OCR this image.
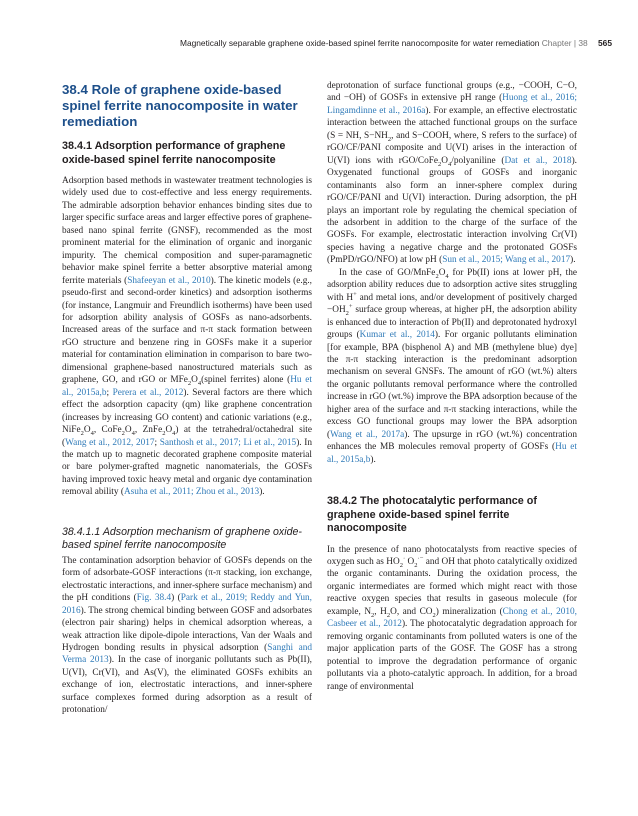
Magnetically separable graphene oxide-based spinel ferrite nanocomposite for water remediation Chapter | 38 565
38.4 Role of graphene oxide-based spinel ferrite nanocomposite in water remediation
38.4.1 Adsorption performance of graphene oxide-based spinel ferrite nanocomposite

Adsorption based methods in wastewater treatment technologies is widely used due to cost-effective and less energy requirements. The admirable adsorption behavior enhances binding sites due to larger specific surface areas and larger effective pores of graphene-based nano spinal ferrite (GNSF), recommended as the most prominent material for the elimination of organic and inorganic impurity. The chemical composition and super-paramagnetic behavior make spinel ferrite a better absorptive material among ferrite materials (Shafeeyan et al., 2010). The kinetic models (e.g., pseudo-first and second-order kinetics) and adsorption isotherms (for instance, Langmuir and Freundlich isotherms) have been used for adsorption ability analysis of GOSFs as nano-adsorbents. Increased areas of the surface and π-π stack formation between rGO structure and benzene ring in GOSFs make it a superior material for contamination elimination in comparison to bare two-dimensional graphene-based nanostructured materials such as graphene, GO, and rGO or $MFe_2O_4(spinel$ ferrites) alone (Hu et al., 2015a,b; Perera et al., 2012). Several factors are there which effect the adsorption capacity (qm) like graphene concentration (increases by increasing GO content) and cationic variations (e.g., $NiFe_2O_4$, $CoFe_2O_4$, $ZnFe_2O_4$) at the tetrahedral/octahedral site (Wang et al., 2012, 2017; Santhosh et al., 2017; Li et al., 2015). In the match up to magnetic decorated graphene composite material or bare polymer-grafted magnetic nanomaterials, the GOSFs having improved toxic heavy metal and organic dye contamination removal ability (Asuha et al., 2011; Zhou et al., 2013).

38.4.1.1 Adsorption mechanism of graphene oxide-based spinel ferrite nanocomposite

The contamination adsorption behavior of GOSFs depends on the form of adsorbate-GOSF interactions (π-π stacking, ion exchange, electrostatic interactions, and inner-sphere surface mechanism) and the pH conditions (Fig. 38.4) (Park et al., 2019; Reddy and Yun, 2016). The strong chemical binding between GOSF and adsorbates (electron pair sharing) helps in chemical adsorption whereas, a weak attraction like dipole-dipole interactions, Van der Waals and Hydrogen bonding results in physical adsorption (Sanghi and Verma 2013). In the case of inorganic pollutants such as Pb(II), U(VI), Cr(VI), and As(V), the eliminated GOSFs exhibits an exchange of ion, electrostatic interactions, and inner-sphere surface complexes formed during adsorption as a result of protonation/

deprotonation of surface functional groups (e.g., −COOH, C−O, and −OH) of GOSFs in extensive pH range (Huong et al., 2016; Lingamdinne et al., 2016a). For example, an effective electrostatic interaction between the attached functional groups on the surface (S = NH, $S-NH_2$, and S−COOH, where, S refers to the surface) of rGO/CF/PANI composite and U(VI) arises in the interaction of U(VI) ions with rGO/$CoFe_2O_4$/polyaniline (Dat et al., 2018). Oxygenated functional groups of GOSFs and inorganic contaminants also form an inner-sphere complex during rGO/CF/PANI and U(VI) interaction. During adsorption, the pH plays an important role by regulating the chemical speciation of the adsorbent in addition to the charge of the surface of the GOSFs. For example, electrostatic interaction involving Cr(VI) species having a negative charge and the protonated GOSFs (PmPD/rGO/NFO) at low pH (Sun et al., 2015; Wang et al., 2017).

In the case of $GO/MnFe_2O_4$ for Pb(II) ions at lower pH, the adsorption ability reduces due to adsorption active sites struggling with H+ and metal ions, and/or development of positively charged $-OH_2^+$ surface group whereas, at higher pH, the adsorption ability is enhanced due to interaction of Pb(II) and deprotonated hydroxyl groups (Kumar et al., 2014). For organic pollutants elimination [for example, BPA (bisphenol A) and MB (methylene blue) dye] the π-π stacking interaction is the predominant adsorption mechanism on several GNSFs. The amount of rGO (wt.%) alters the organic pollutants removal performance where the controlled increase in rGO (wt.%) improve the BPA adsorption because of the higher area of the surface and π-π stacking interactions, while the excess GO functional groups may lower the BPA adsorption (Wang et al., 2017a). The upsurge in rGO (wt.%) concentration enhances the MB molecules removal property of GOSFs (Hu et al., 2015a,b).

38.4.2 The photocatalytic performance of graphene oxide-based spinel ferrite nanocomposite

In the presence of nano photocatalysts from reactive species of oxygen such as $HO_2^\cdot$ $O_2^{\cdot-}$ and OH that photo catalytically oxidized the organic contaminants. During the oxidation process, the organic intermediates are formed which might react with those reactive oxygen species that results in gaseous molecule (for example, $N_2$, $H_2O$, and $CO_2$) mineralization (Chong et al., 2010, Casbeer et al., 2012). The photocatalytic degradation approach for removing organic contaminants from polluted waters is one of the major application parts of the GOSF. The GOSF has a strong potential to improve the degradation performance of organic pollutants via a photo-catalytic approach. In addition, for a broad range of environmental
